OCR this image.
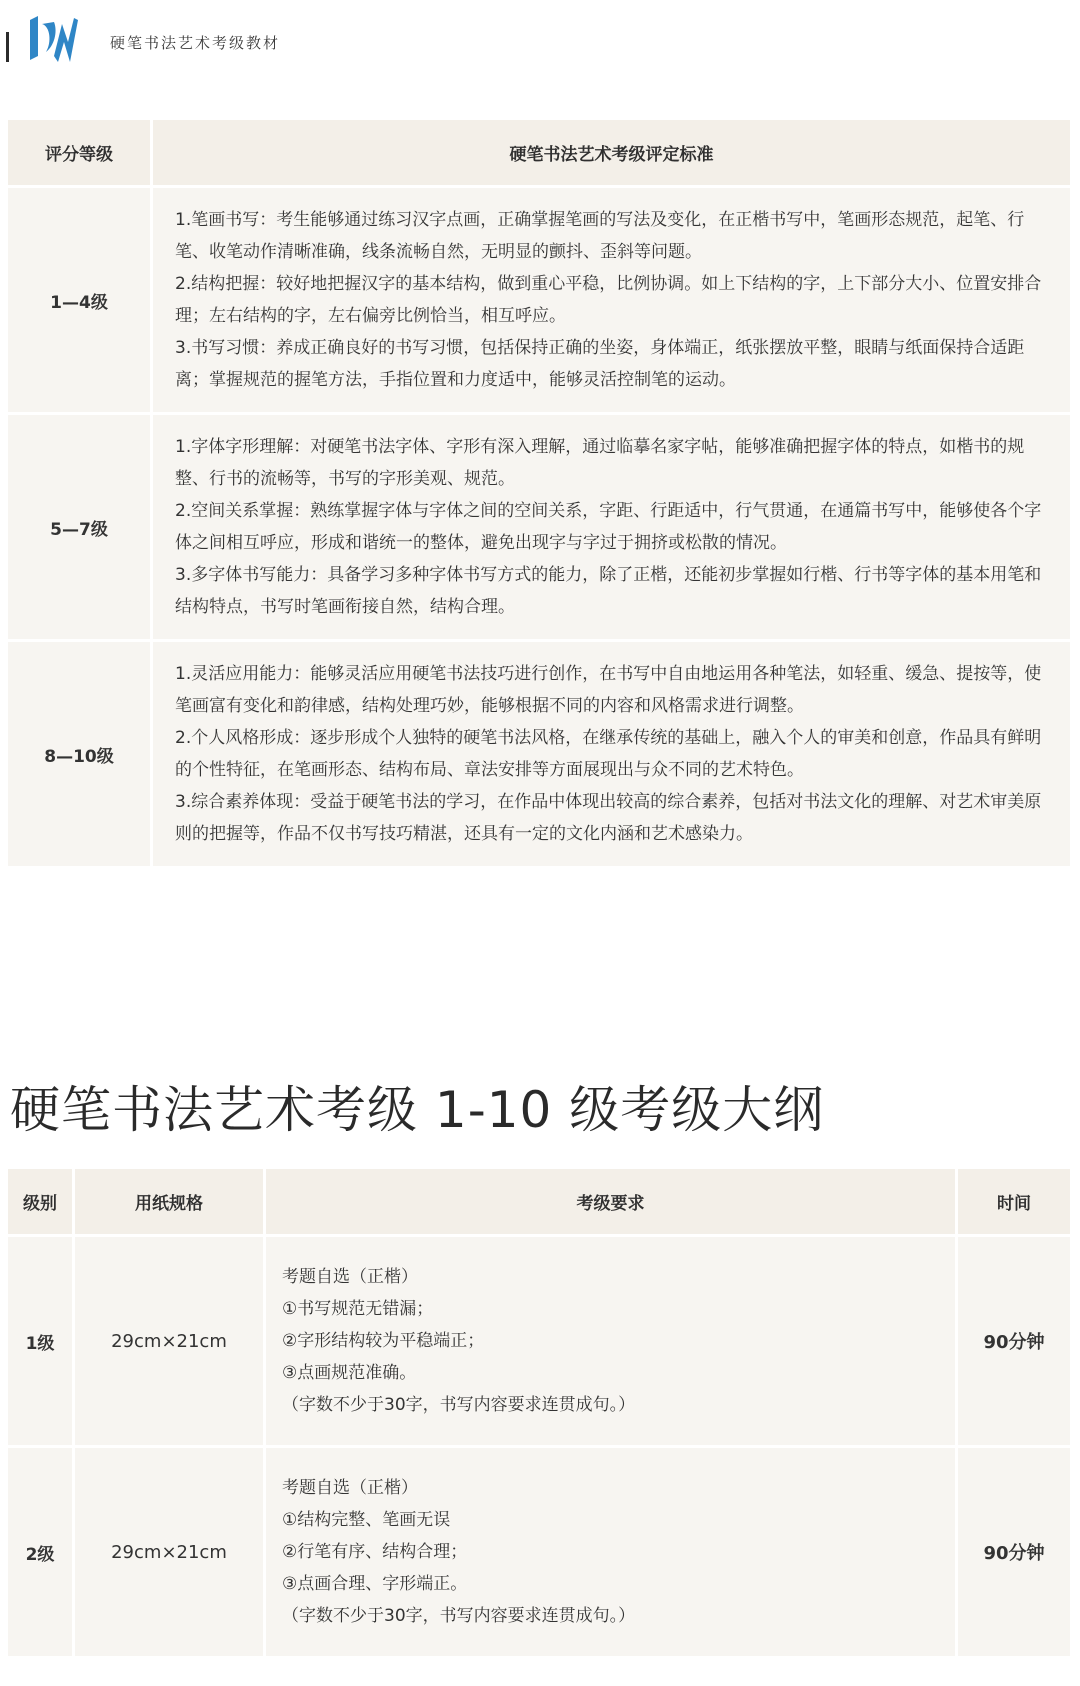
硬笔书法艺术考级教材
评分等级	硬笔书法艺术考级评定标准
1—4级	1.笔画书写：考生能够通过练习汉字点画，正确掌握笔画的写法及变化，在正楷书写中，笔画形态规范，起笔、行笔、收笔动作清晰准确，线条流畅自然，无明显的颤抖、歪斜等问题。

2.结构把握：较好地把握汉字的基本结构，做到重心平稳，比例协调。如上下结构的字，上下部分大小、位置安排合理；左右结构的字，左右偏旁比例恰当，相互呼应。

3.书写习惯：养成正确良好的书写习惯，包括保持正确的坐姿，身体端正，纸张摆放平整，眼睛与纸面保持合适距离；掌握规范的握笔方法，手指位置和力度适中，能够灵活控制笔的运动。

5—7级	1.字体字形理解：对硬笔书法字体、字形有深入理解，通过临摹名家字帖，能够准确把握字体的特点，如楷书的规整、行书的流畅等，书写的字形美观、规范。

2.空间关系掌握：熟练掌握字体与字体之间的空间关系，字距、行距适中，行气贯通，在通篇书写中，能够使各个字体之间相互呼应，形成和谐统一的整体，避免出现字与字过于拥挤或松散的情况。

3.多字体书写能力：具备学习多种字体书写方式的能力，除了正楷，还能初步掌握如行楷、行书等字体的基本用笔和结构特点，书写时笔画衔接自然，结构合理。

8—10级	1.灵活应用能力：能够灵活应用硬笔书法技巧进行创作，在书写中自由地运用各种笔法，如轻重、缓急、提按等，使笔画富有变化和韵律感，结构处理巧妙，能够根据不同的内容和风格需求进行调整。

2.个人风格形成：逐步形成个人独特的硬笔书法风格，在继承传统的基础上，融入个人的审美和创意，作品具有鲜明的个性特征，在笔画形态、结构布局、章法安排等方面展现出与众不同的艺术特色。

3.综合素养体现：受益于硬笔书法的学习，在作品中体现出较高的综合素养，包括对书法文化的理解、对艺术审美原则的把握等，作品不仅书写技巧精湛，还具有一定的文化内涵和艺术感染力。

硬笔书法艺术考级 1-10 级考级大纲
级别	用纸规格	考级要求	时间
1级	29cm×21cm	考题自选（正楷）

①书写规范无错漏；

②字形结构较为平稳端正；

③点画规范准确。

（字数不少于30字，书写内容要求连贯成句。）	90分钟
2级	29cm×21cm	考题自选（正楷）

①结构完整、笔画无误

②行笔有序、结构合理；

③点画合理、字形端正。

（字数不少于30字，书写内容要求连贯成句。）	90分钟
